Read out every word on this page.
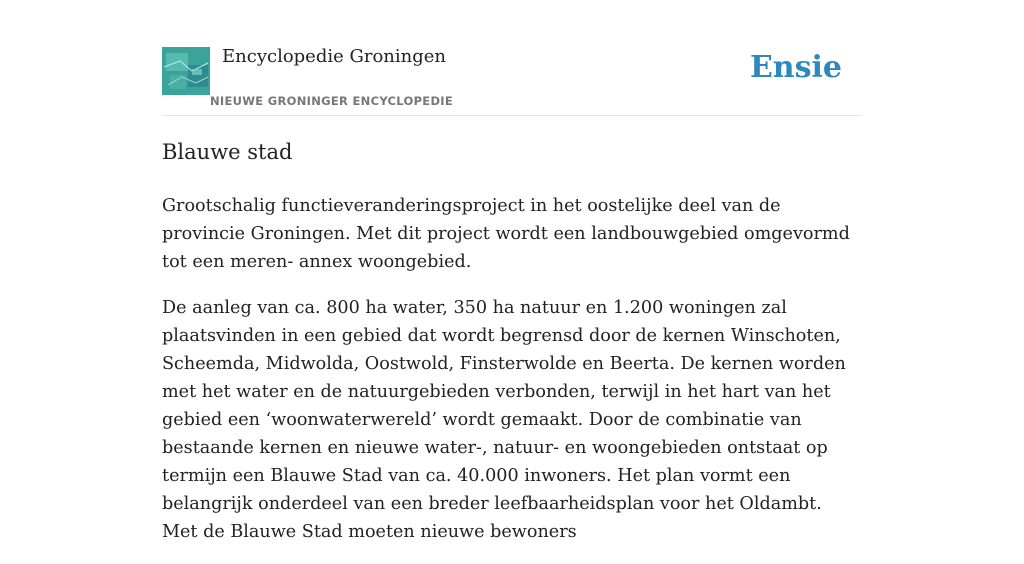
Encyclopedie Groningen
NIEUWE GRONINGER ENCYCLOPEDIE
Ensie
Blauwe stad

Grootschalig functieveranderingsproject in het oostelijke deel van de provincie Groningen. Met dit project wordt een landbouwgebied omgevormd tot een meren- annex woongebied.

De aanleg van ca. 800 ha water, 350 ha natuur en 1.200 woningen zal plaatsvinden in een gebied dat wordt begrensd door de kernen Winschoten, Scheemda, Midwolda, Oostwold, Finsterwolde en Beerta. De kernen worden met het water en de natuurgebieden verbonden, terwijl in het hart van het gebied een ‘woonwaterwereld’ wordt gemaakt. Door de combinatie van bestaande kernen en nieuwe water-, natuur- en woongebieden ontstaat op termijn een Blauwe Stad van ca. 40.000 inwoners. Het plan vormt een belangrijk onderdeel van een breder leefbaarheidsplan voor het Oldambt. Met de Blauwe Stad moeten nieuwe bewoners
